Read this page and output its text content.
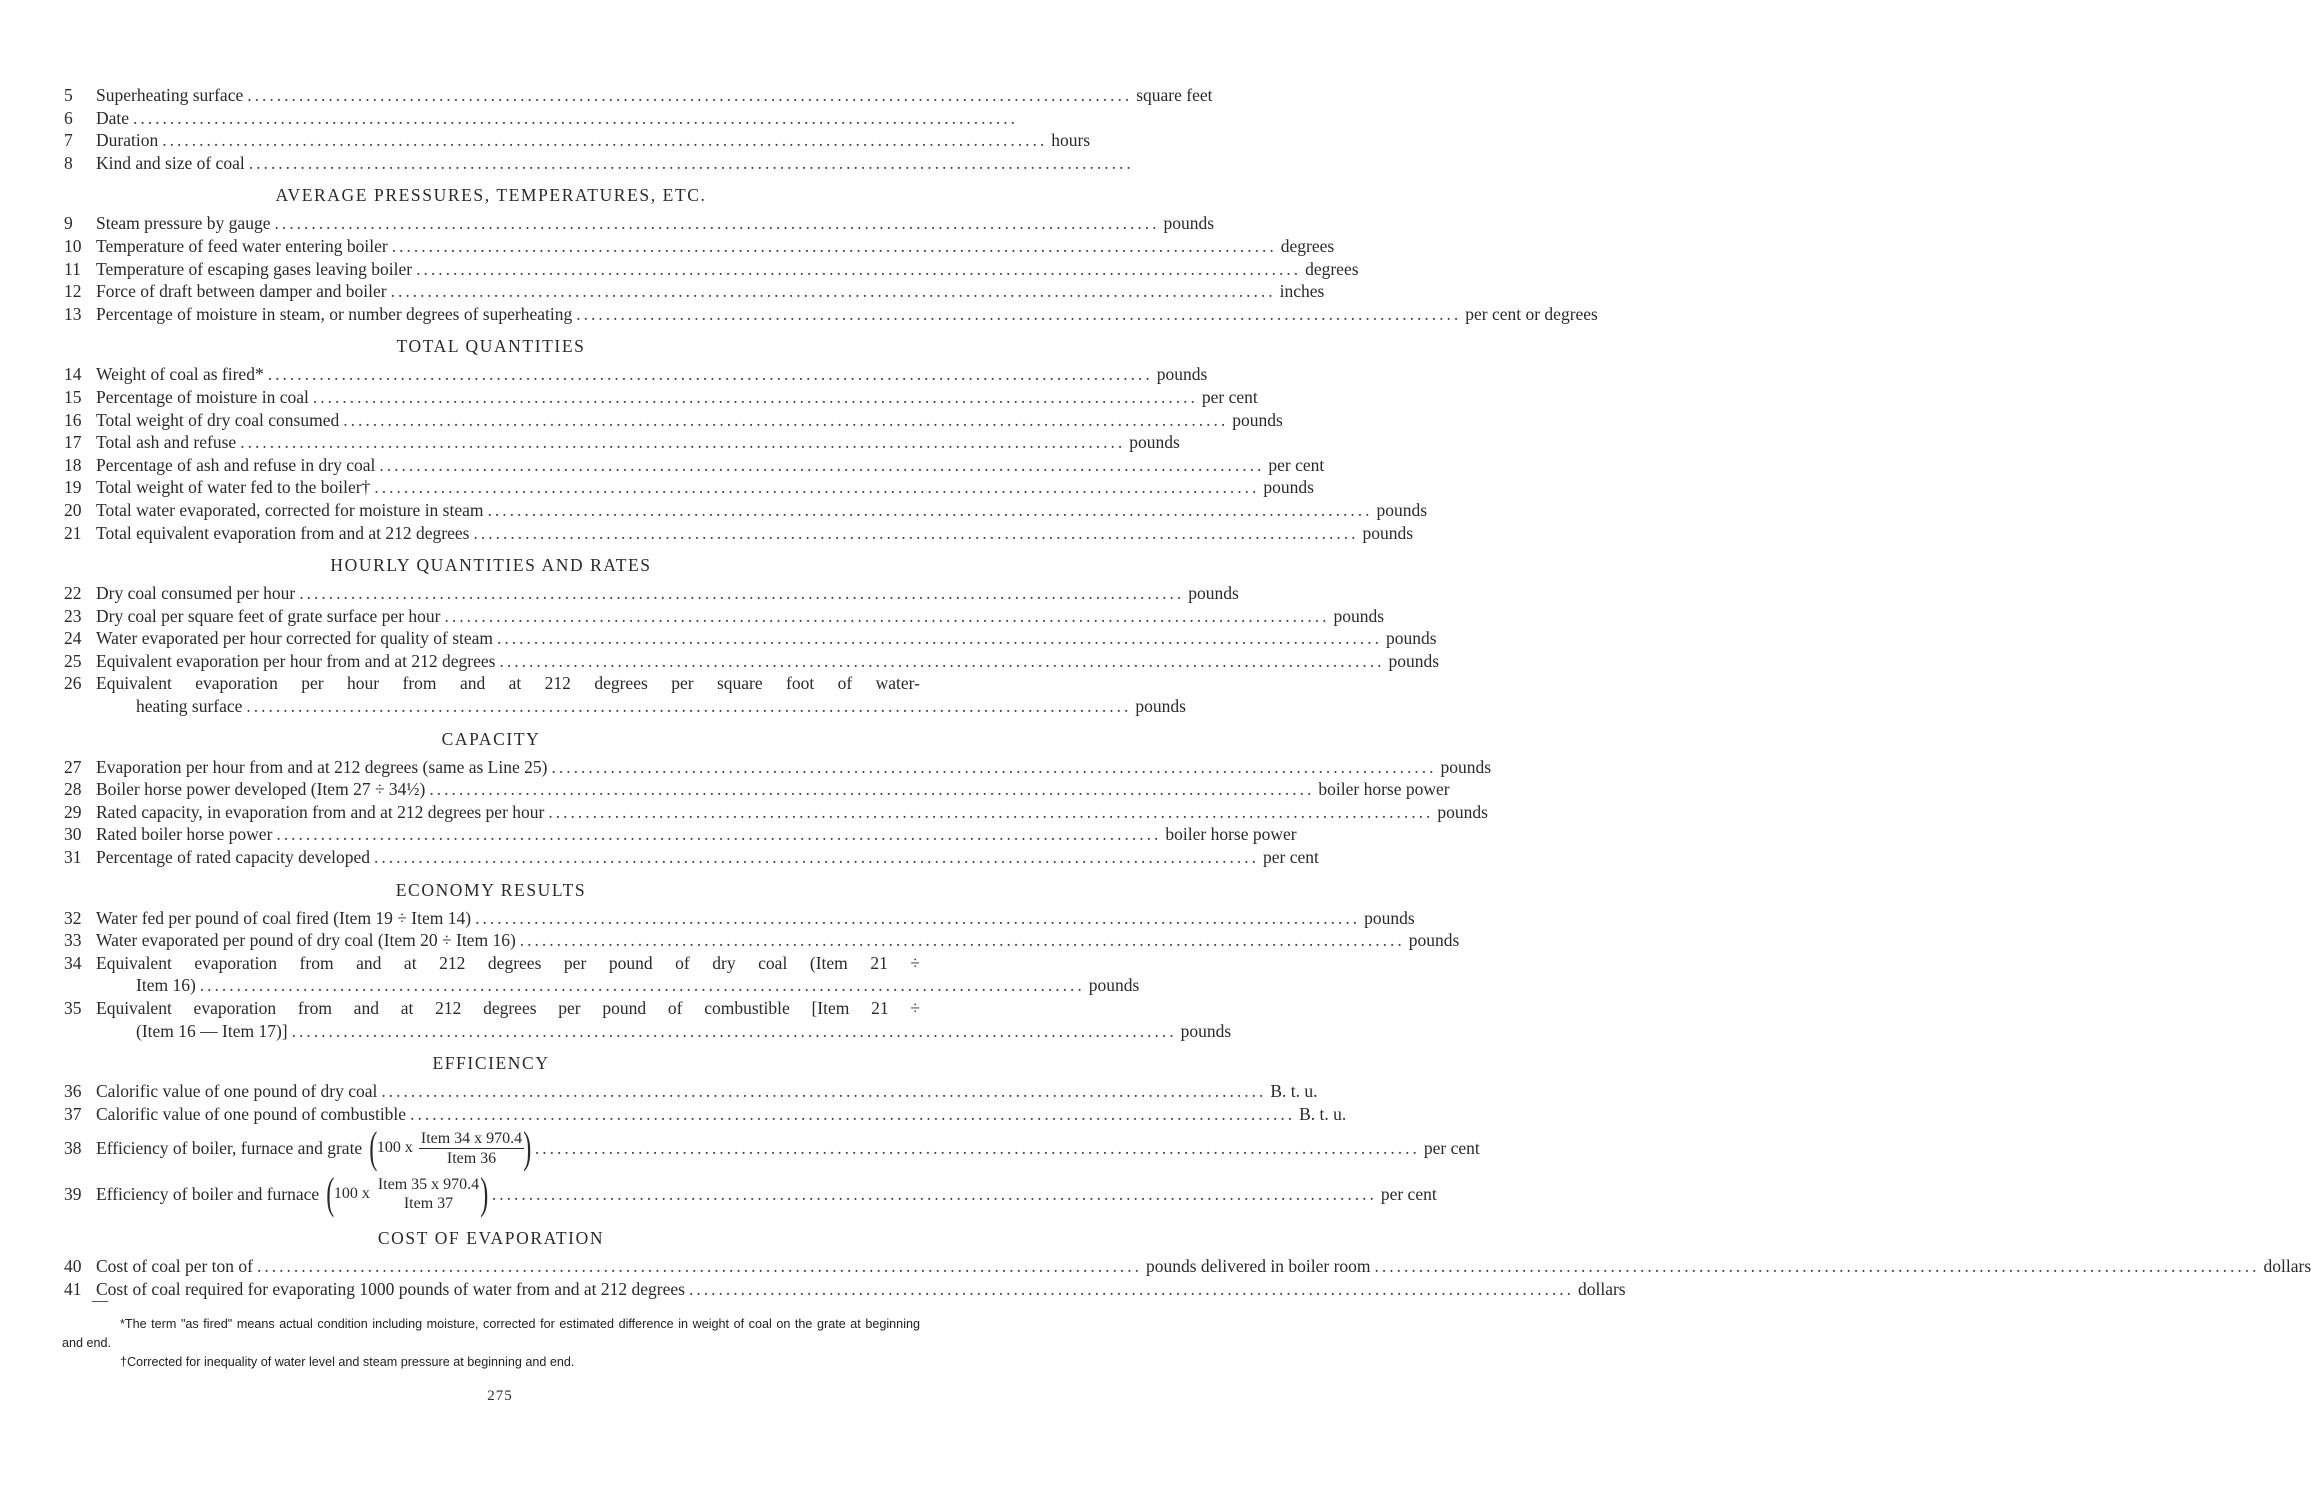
5	Superheating surface ........................................................................................................................ square feet
6	Date ........................................................................................................................
7	Duration ........................................................................................................................ hours
8	Kind and size of coal ........................................................................................................................
AVERAGE PRESSURES, TEMPERATURES, ETC.
9	Steam pressure by gauge ........................................................................................................................ pounds
10 Temperature of feed water entering boiler ........................................................................................................................ degrees
11 Temperature of escaping gases leaving boiler ........................................................................................................................ degrees
12 Force of draft between damper and boiler ........................................................................................................................ inches
13 Percentage of moisture in steam, or number degrees of superheating ........................................................................................................................ per cent or degrees
TOTAL QUANTITIES
14 Weight of coal as fired* ........................................................................................................................ pounds
15 Percentage of moisture in coal ........................................................................................................................ per cent
16 Total weight of dry coal consumed ........................................................................................................................ pounds
17 Total ash and refuse ........................................................................................................................ pounds
18 Percentage of ash and refuse in dry coal ........................................................................................................................ per cent
19 Total weight of water fed to the boiler† ........................................................................................................................ pounds
20 Total water evaporated, corrected for moisture in steam ........................................................................................................................ pounds
21 Total equivalent evaporation from and at 212 degrees ........................................................................................................................ pounds
HOURLY QUANTITIES AND RATES
22 Dry coal consumed per hour ........................................................................................................................ pounds
23 Dry coal per square feet of grate surface per hour ........................................................................................................................ pounds
24 Water evaporated per hour corrected for quality of steam ........................................................................................................................ pounds
25 Equivalent evaporation per hour from and at 212 degrees ........................................................................................................................ pounds
26 Equivalent evaporation per hour from and at 212 degrees per square foot of water-
heating surface ........................................................................................................................ pounds
CAPACITY
27 Evaporation per hour from and at 212 degrees (same as Line 25) ........................................................................................................................ pounds
28 Boiler horse power developed (Item 27 ÷ 34½) ........................................................................................................................ boiler horse power
29 Rated capacity, in evaporation from and at 212 degrees per hour ........................................................................................................................ pounds
30 Rated boiler horse power ........................................................................................................................ boiler horse power
31 Percentage of rated capacity developed ........................................................................................................................ per cent
ECONOMY RESULTS
32 Water fed per pound of coal fired (Item 19 ÷ Item 14) ........................................................................................................................ pounds
33 Water evaporated per pound of dry coal (Item 20 ÷ Item 16) ........................................................................................................................ pounds
34 Equivalent evaporation from and at 212 degrees per pound of dry coal (Item 21 ÷
Item 16) ........................................................................................................................ pounds
35 Equivalent evaporation from and at 212 degrees per pound of combustible [Item 21 ÷
(Item 16 — Item 17)] ........................................................................................................................ pounds
EFFICIENCY
36 Calorific value of one pound of dry coal ........................................................................................................................ B. t. u.
37 Calorific value of one pound of combustible ........................................................................................................................ B. t. u.
38 Efficiency of boiler, furnace and grate ( 100 x $\frac{\text{Item 34 x 970.4}}{\text{Item 36}}$ ) ........................................................................................................................ per cent
39 Efficiency of boiler and furnace ( 100 x
Item 35 x 970.4
Item 37 ) ........................................................................................................................ per cent
COST OF EVAPORATION
40 Cost of coal per ton of ........................................................................................................................ pounds delivered in boiler room ........................................................................................................................ dollars
41 Cost of coal required for evaporating 1000 pounds of water from and at 212 degrees ........................................................................................................................ dollars

*The term "as fired" means actual condition including moisture, corrected for estimated difference in weight of coal on the grate at beginning and end.

†Corrected for inequality of water level and steam pressure at beginning and end.

275
